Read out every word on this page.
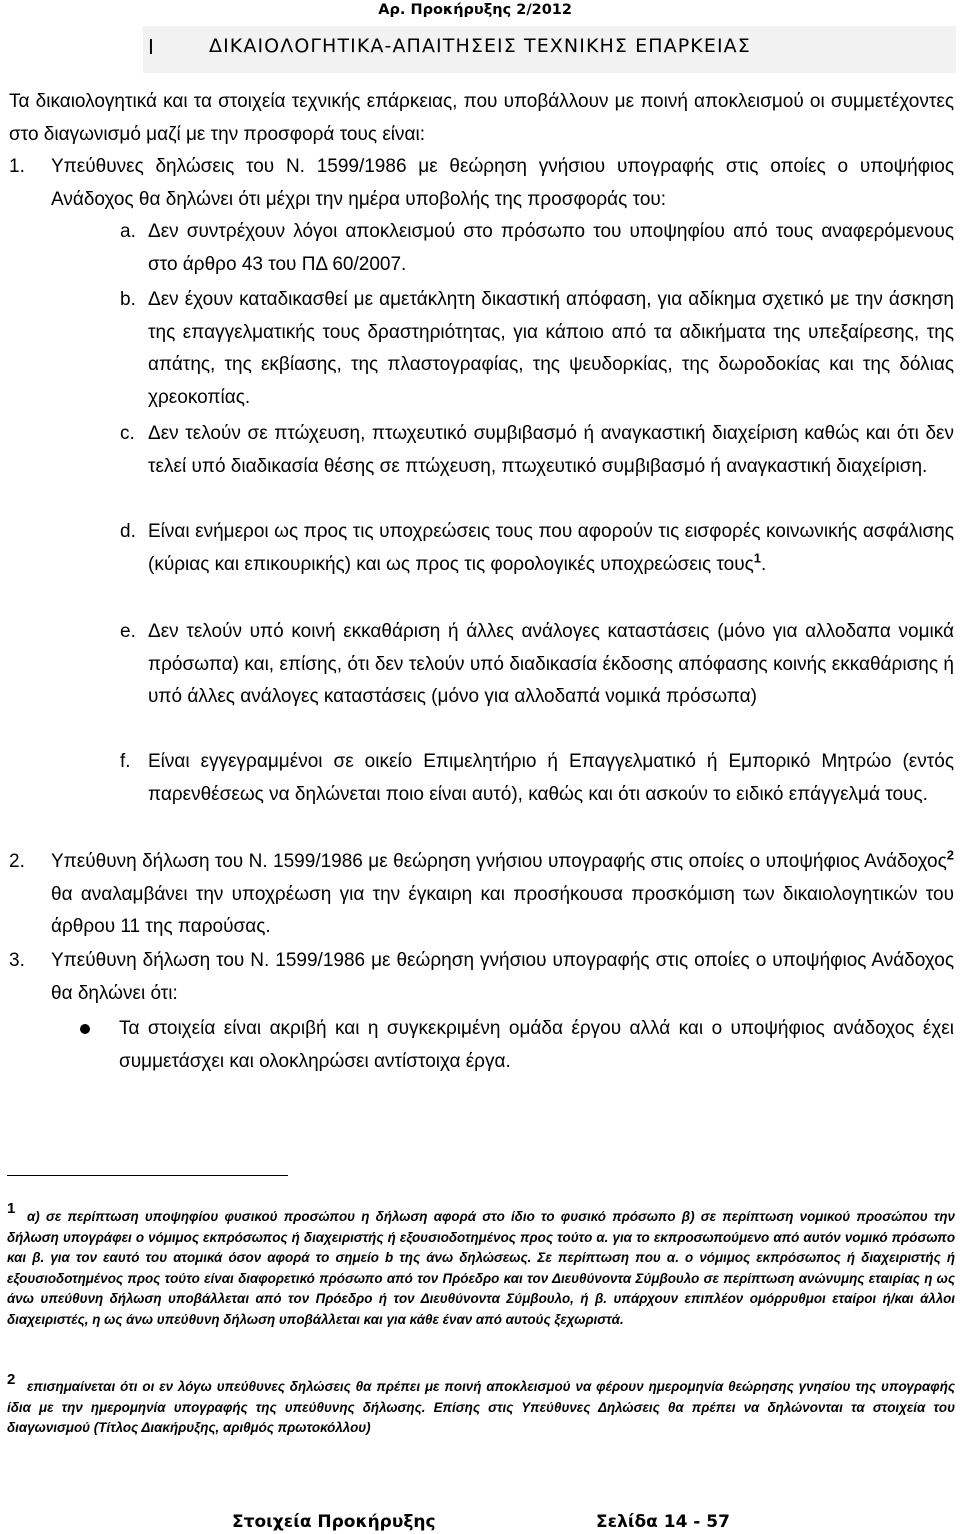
Αρ. Προκήρυξης 2/2012
Ι	ΔΙΚΑΙΟΛΟΓΗΤΙΚΑ-ΑΠΑΙΤΗΣΕΙΣ ΤΕΧΝΙΚΗΣ ΕΠΑΡΚΕΙΑΣ

Τα δικαιολογητικά και τα στοιχεία τεχνικής επάρκειας, που υποβάλλουν με ποινή αποκλεισμού οι συμμετέχοντες στο διαγωνισμό μαζί με την προσφορά τους είναι:

1. Υπεύθυνες δηλώσεις του Ν. 1599/1986 με θεώρηση γνήσιου υπογραφής στις οποίες ο υποψήφιος Ανάδοχος θα δηλώνει ότι μέχρι την ημέρα υποβολής της προσφοράς του:

a. Δεν συντρέχουν λόγοι αποκλεισμού στο πρόσωπο του υποψηφίου από τους αναφερόμενους στο άρθρο 43 του ΠΔ 60/2007.

b. Δεν έχουν καταδικασθεί με αμετάκλητη δικαστική απόφαση, για αδίκημα σχετικό με την άσκηση της επαγγελματικής τους δραστηριότητας, για κάποιο από τα αδικήματα της υπεξαίρεσης, της απάτης, της εκβίασης, της πλαστογραφίας, της ψευδορκίας, της δωροδοκίας και της δόλιας χρεοκοπίας.

c. Δεν τελούν σε πτώχευση, πτωχευτικό συμβιβασμό ή αναγκαστική διαχείριση καθώς και ότι δεν τελεί υπό διαδικασία θέσης σε πτώχευση, πτωχευτικό συμβιβασμό ή αναγκαστική διαχείριση.

d. Είναι ενήμεροι ως προς τις υποχρεώσεις τους που αφορούν τις εισφορές κοινωνικής ασφάλισης (κύριας και επικουρικής) και ως προς τις φορολογικές υποχρεώσεις τους$^1$.

e. Δεν τελούν υπό κοινή εκκαθάριση ή άλλες ανάλογες καταστάσεις (μόνο για αλλοδαπα νομικά πρόσωπα) και, επίσης, ότι δεν τελούν υπό διαδικασία έκδοσης απόφασης κοινής εκκαθάρισης ή υπό άλλες ανάλογες καταστάσεις (μόνο για αλλοδαπά νομικά πρόσωπα)

f. Είναι εγγεγραμμένοι σε οικείο Επιμελητήριο ή Επαγγελματικό ή Εμπορικό Μητρώο (εντός παρενθέσεως να δηλώνεται ποιο είναι αυτό), καθώς και ότι ασκούν το ειδικό επάγγελμά τους.

2. Υπεύθυνη δήλωση του Ν. 1599/1986 με θεώρηση γνήσιου υπογραφής στις οποίες ο υποψήφιος Ανάδοχος$^2$ θα αναλαμβάνει την υποχρέωση για την έγκαιρη και προσήκουσα προσκόμιση των δικαιολογητικών του άρθρου 11 της παρούσας.

3. Υπεύθυνη δήλωση του Ν. 1599/1986 με θεώρηση γνήσιου υπογραφής στις οποίες ο υποψήφιος Ανάδοχος θα δηλώνει ότι:

Τα στοιχεία είναι ακριβή και η συγκεκριμένη ομάδα έργου αλλά και ο υποψήφιος ανάδοχος έχει συμμετάσχει και ολοκληρώσει αντίστοιχα έργα.

1 α) σε περίπτωση υποψηφίου φυσικού προσώπου η δήλωση αφορά στο ίδιο το φυσικό πρόσωπο β) σε περίπτωση νομικού προσώπου την δήλωση υπογράφει ο νόμιμος εκπρόσωπος ή διαχειριστής ή εξουσιοδοτημένος προς τούτο α. για το εκπροσωπούμενο από αυτόν νομικό πρόσωπο και β. για τον εαυτό του ατομικά όσον αφορά το σημείο b της άνω δηλώσεως. Σε περίπτωση που α. ο νόμιμος εκπρόσωπος ή διαχειριστής ή εξουσιοδοτημένος προς τούτο είναι διαφορετικό πρόσωπο από τον Πρόεδρο και τον Διευθύνοντα Σύμβουλο σε περίπτωση ανώνυμης εταιρίας η ως άνω υπεύθυνη δήλωση υποβάλλεται από τον Πρόεδρο ή τον Διευθύνοντα Σύμβουλο, ή β. υπάρχουν επιπλέον ομόρρυθμοι εταίροι ή/και άλλοι διαχειριστές, η ως άνω υπεύθυνη δήλωση υποβάλλεται και για κάθε έναν από αυτούς ξεχωριστά.

2 επισημαίνεται ότι οι εν λόγω υπεύθυνες δηλώσεις θα πρέπει με ποινή αποκλεισμού να φέρουν ημερομηνία θεώρησης γνησίου της υπογραφής ίδια με την ημερομηνία υπογραφής της υπεύθυνης δήλωσης. Επίσης στις Υπεύθυνες Δηλώσεις θα πρέπει να δηλώνονται τα στοιχεία του διαγωνισμού (Τίτλος Διακήρυξης, αριθμός πρωτοκόλλου)

Στοιχεία Προκήρυξης	Σελίδα 14 - 57
